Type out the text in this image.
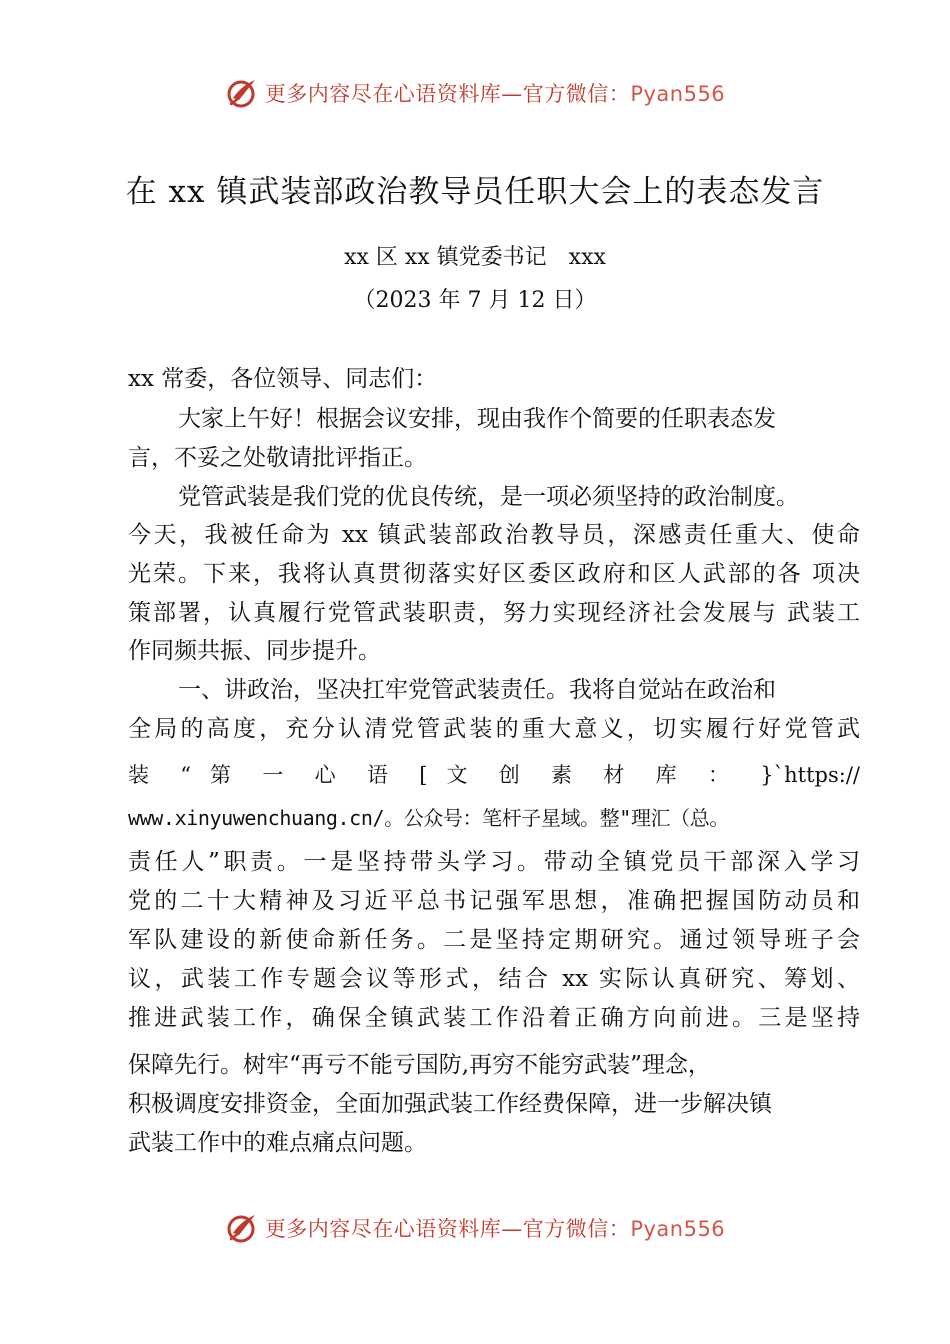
更多内容尽在心语资料库—官方微信：Pyan556
在 xx 镇武装部政治教导员任职大会上的表态发言
xx 区 xx 镇党委书记　xxx
（2023 年 7 月 12 日）
xx 常委，各位领导、同志们：
大家上午好！根据会议安排，现由我作个简要的任职表态发
言，不妥之处敬请批评指正。
党管武装是我们党的优良传统，是一项必须坚持的政治制度。
今天，我被任命为 xx 镇武装部政治教导员，深感责任重大、使命
光荣。下来，我将认真贯彻落实好区委区政府和区人武部的各 项决
策部署，认真履行党管武装职责，努力实现经济社会发展与 武装工
作同频共振、同步提升。
一、讲政治，坚决扛牢党管武装责任。我将自觉站在政治和
全局的高度，充分认清党管武装的重大意义，切实履行好党管武
装 “ 第 一 心 语 [ 文 创 素 材 库 ： }`https://
www.xinyuwenchuang.cn/。公众号：笔杆子星域。整"理汇（总。
责任人”职责。一是坚持带头学习。带动全镇党员干部深入学习
党的二十大精神及习近平总书记强军思想，准确把握国防动员和
军队建设的新使命新任务。二是坚持定期研究。通过领导班子会
议，武装工作专题会议等形式，结合 xx 实际认真研究、筹划、
推进武装工作，确保全镇武装工作沿着正确方向前进。三是坚持
保障先行。树牢“再亏不能亏国防,再穷不能穷武装”理念，
积极调度安排资金，全面加强武装工作经费保障，进一步解决镇
武装工作中的难点痛点问题。
更多内容尽在心语资料库—官方微信：Pyan556
